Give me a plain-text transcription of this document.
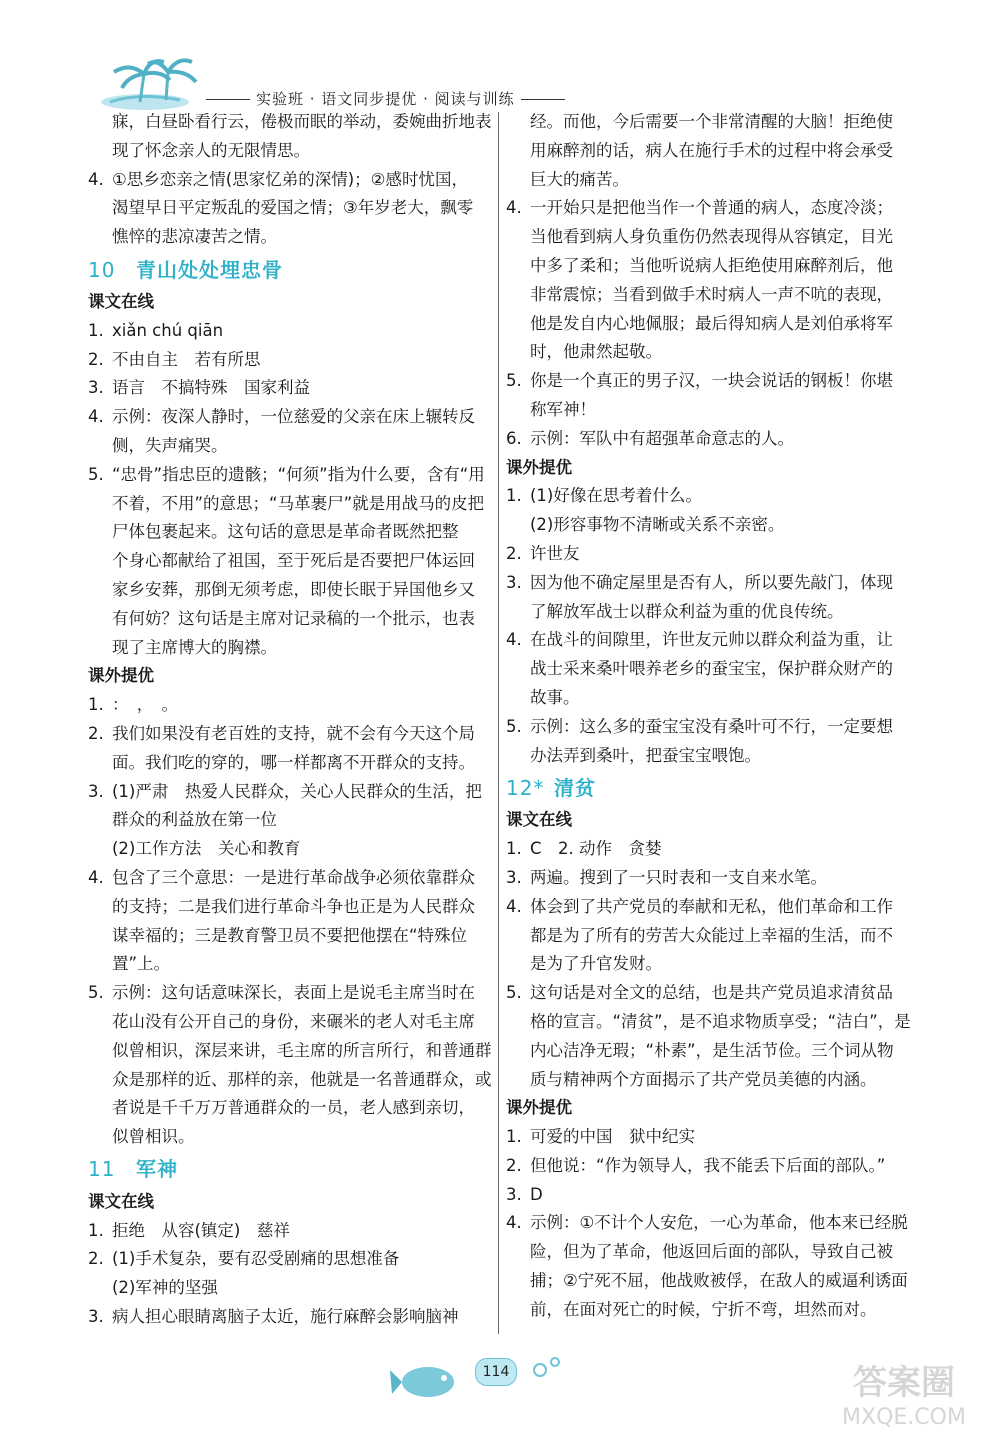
实验班 · 语文同步提优 · 阅读与训练
寐，白昼卧看行云，倦极而眠的举动，委婉曲折地表
现了怀念亲人的无限情思。
4. ①思乡恋亲之情(思家忆弟的深情)；②感时忧国，
渴望早日平定叛乱的爱国之情；③年岁老大，飘零
憔悴的悲凉凄苦之情。
10	青山处处埋忠骨
课文在线
1. xiǎn chú qiān
2. 不由自主　若有所思
3. 语言　不搞特殊　国家利益
4. 示例：夜深人静时，一位慈爱的父亲在床上辗转反
侧，失声痛哭。
5. “忠骨”指忠臣的遗骸；“何须”指为什么要，含有“用
不着，不用”的意思；“马革裹尸”就是用战马的皮把
尸体包裹起来。这句话的意思是革命者既然把整
个身心都献给了祖国，至于死后是否要把尸体运回
家乡安葬，那倒无须考虑，即使长眠于异国他乡又
有何妨？这句话是主席对记录稿的一个批示，也表
现了主席博大的胸襟。
课外提优
1. ：　，　。
2. 我们如果没有老百姓的支持，就不会有今天这个局
面。我们吃的穿的，哪一样都离不开群众的支持。
3. (1)严肃　热爱人民群众，关心人民群众的生活，把
群众的利益放在第一位
(2)工作方法　关心和教育
4. 包含了三个意思：一是进行革命战争必须依靠群众
的支持；二是我们进行革命斗争也正是为人民群众
谋幸福的；三是教育警卫员不要把他摆在“特殊位
置”上。
5. 示例：这句话意味深长，表面上是说毛主席当时在
花山没有公开自己的身份，来碾米的老人对毛主席
似曾相识，深层来讲，毛主席的所言所行，和普通群
众是那样的近、那样的亲，他就是一名普通群众，或
者说是千千万万普通群众的一员，老人感到亲切，
似曾相识。
11	军神
课文在线
1. 拒绝　从容(镇定)　慈祥
2. (1)手术复杂，要有忍受剧痛的思想准备
(2)军神的坚强
3. 病人担心眼睛离脑子太近，施行麻醉会影响脑神
经。而他，今后需要一个非常清醒的大脑！拒绝使
用麻醉剂的话，病人在施行手术的过程中将会承受
巨大的痛苦。
4. 一开始只是把他当作一个普通的病人，态度冷淡；
当他看到病人身负重伤仍然表现得从容镇定，目光
中多了柔和；当他听说病人拒绝使用麻醉剂后，他
非常震惊；当看到做手术时病人一声不吭的表现，
他是发自内心地佩服；最后得知病人是刘伯承将军
时，他肃然起敬。
5. 你是一个真正的男子汉，一块会说话的钢板！你堪
称军神！
6. 示例：军队中有超强革命意志的人。
课外提优
1. (1)好像在思考着什么。
(2)形容事物不清晰或关系不亲密。
2. 许世友
3. 因为他不确定屋里是否有人，所以要先敲门，体现
了解放军战士以群众利益为重的优良传统。
4. 在战斗的间隙里，许世友元帅以群众利益为重，让
战士采来桑叶喂养老乡的蚕宝宝，保护群众财产的
故事。
5. 示例：这么多的蚕宝宝没有桑叶可不行，一定要想
办法弄到桑叶，把蚕宝宝喂饱。
12* 清贫
课文在线
1. C　2. 动作　贪婪
3. 两遍。搜到了一只时表和一支自来水笔。
4. 体会到了共产党员的奉献和无私，他们革命和工作
都是为了所有的劳苦大众能过上幸福的生活，而不
是为了升官发财。
5. 这句话是对全文的总结，也是共产党员追求清贫品
格的宣言。“清贫”，是不追求物质享受；“洁白”，是
内心洁净无瑕；“朴素”，是生活节俭。三个词从物
质与精神两个方面揭示了共产党员美德的内涵。
课外提优
1. 可爱的中国　狱中纪实
2. 但他说：“作为领导人，我不能丢下后面的部队。”
3. D
4. 示例：①不计个人安危，一心为革命，他本来已经脱
险，但为了革命，他返回后面的部队，导致自己被
捕；②宁死不屈，他战败被俘，在敌人的威逼利诱面
前，在面对死亡的时候，宁折不弯，坦然而对。
114	答案圈
MXQE.COM
